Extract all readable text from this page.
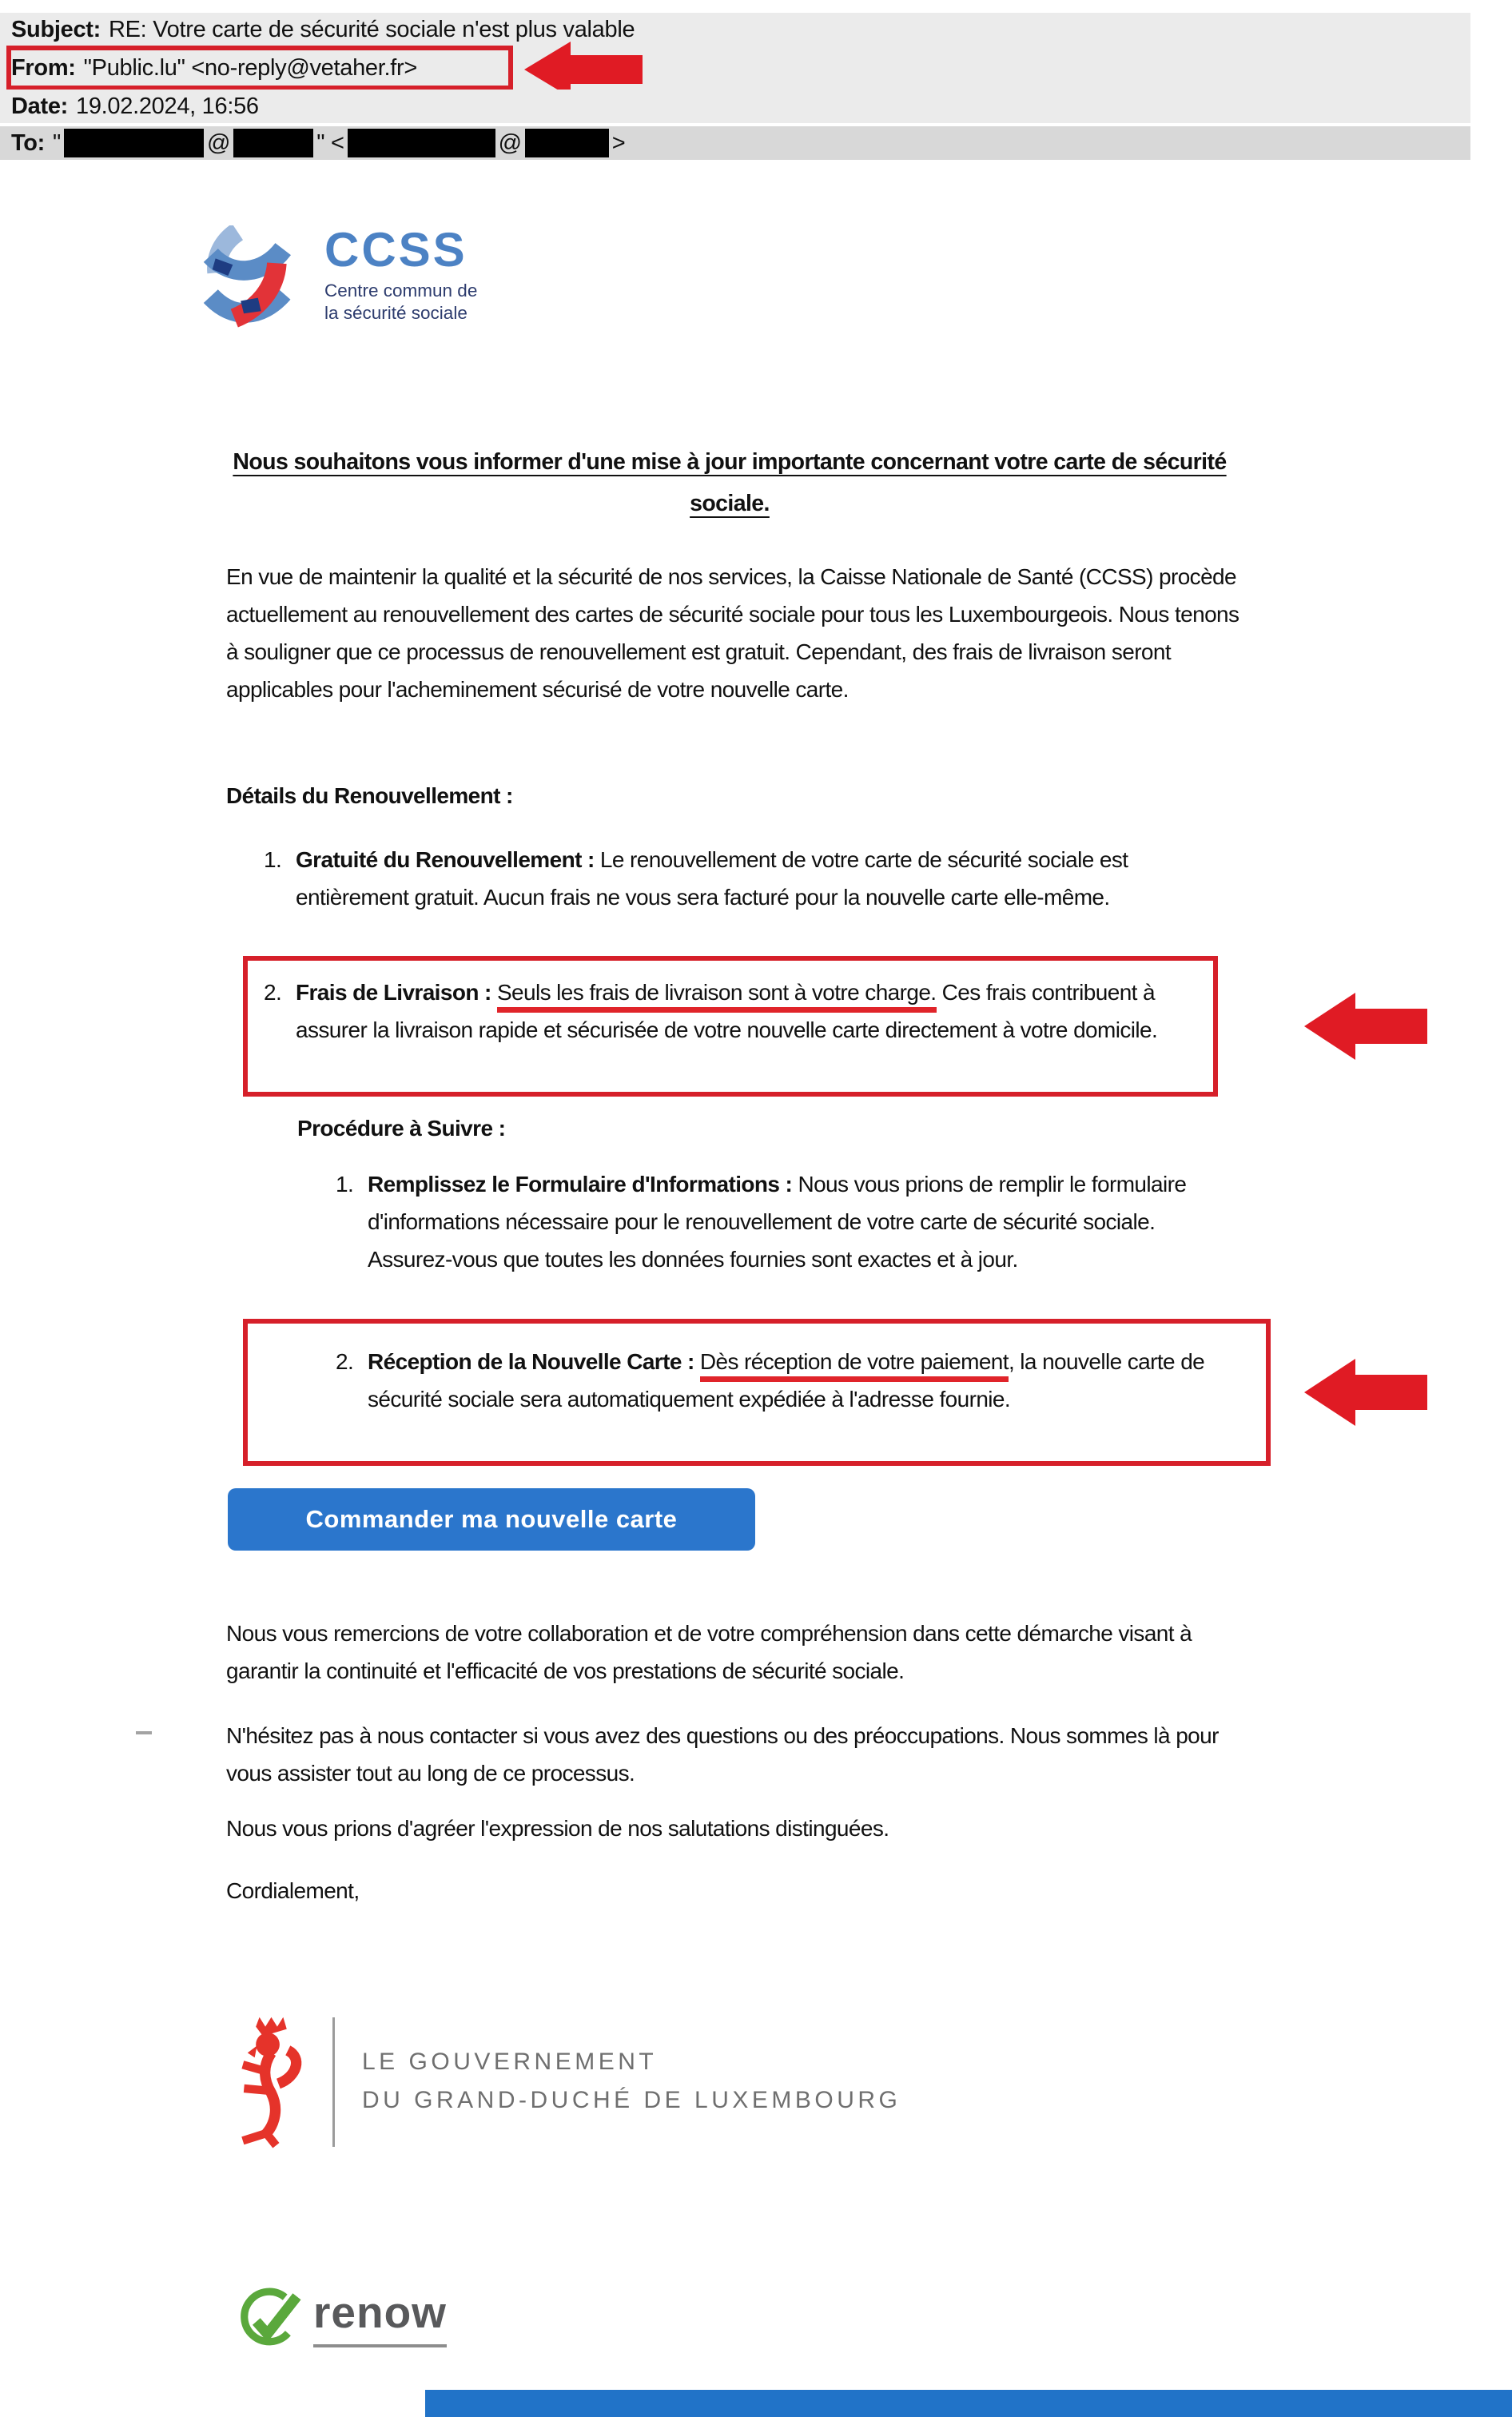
Subject: RE: Votre carte de sécurité sociale n'est plus valable
From: "Public.lu" <no-reply@vetaher.fr>
Date: 19.02.2024, 16:56
To: "	@	" <	@	>
CCSS
Centre commun de
la sécurité sociale
Nous souhaitons vous informer d'une mise à jour importante concernant votre carte de sécurité sociale.
En vue de maintenir la qualité et la sécurité de nos services, la Caisse Nationale de Santé (CCSS) procède actuellement au renouvellement des cartes de sécurité sociale pour tous les Luxembourgeois. Nous tenons à souligner que ce processus de renouvellement est gratuit. Cependant, des frais de livraison seront applicables pour l'acheminement sécurisé de votre nouvelle carte.
Détails du Renouvellement :
1. Gratuité du Renouvellement : Le renouvellement de votre carte de sécurité sociale est entièrement gratuit. Aucun frais ne vous sera facturé pour la nouvelle carte elle-même.
2. Frais de Livraison : Seuls les frais de livraison sont à votre charge. Ces frais contribuent à assurer la livraison rapide et sécurisée de votre nouvelle carte directement à votre domicile.
Procédure à Suivre :
1. Remplissez le Formulaire d'Informations : Nous vous prions de remplir le formulaire d'informations nécessaire pour le renouvellement de votre carte de sécurité sociale. Assurez-vous que toutes les données fournies sont exactes et à jour.
2. Réception de la Nouvelle Carte : Dès réception de votre paiement, la nouvelle carte de sécurité sociale sera automatiquement expédiée à l'adresse fournie.
Commander ma nouvelle carte
Nous vous remercions de votre collaboration et de votre compréhension dans cette démarche visant à garantir la continuité et l'efficacité de vos prestations de sécurité sociale.
N'hésitez pas à nous contacter si vous avez des questions ou des préoccupations. Nous sommes là pour vous assister tout au long de ce processus.
Nous vous prions d'agréer l'expression de nos salutations distinguées.
Cordialement,
LE GOUVERNEMENT
DU GRAND-DUCHÉ DE LUXEMBOURG
renow
